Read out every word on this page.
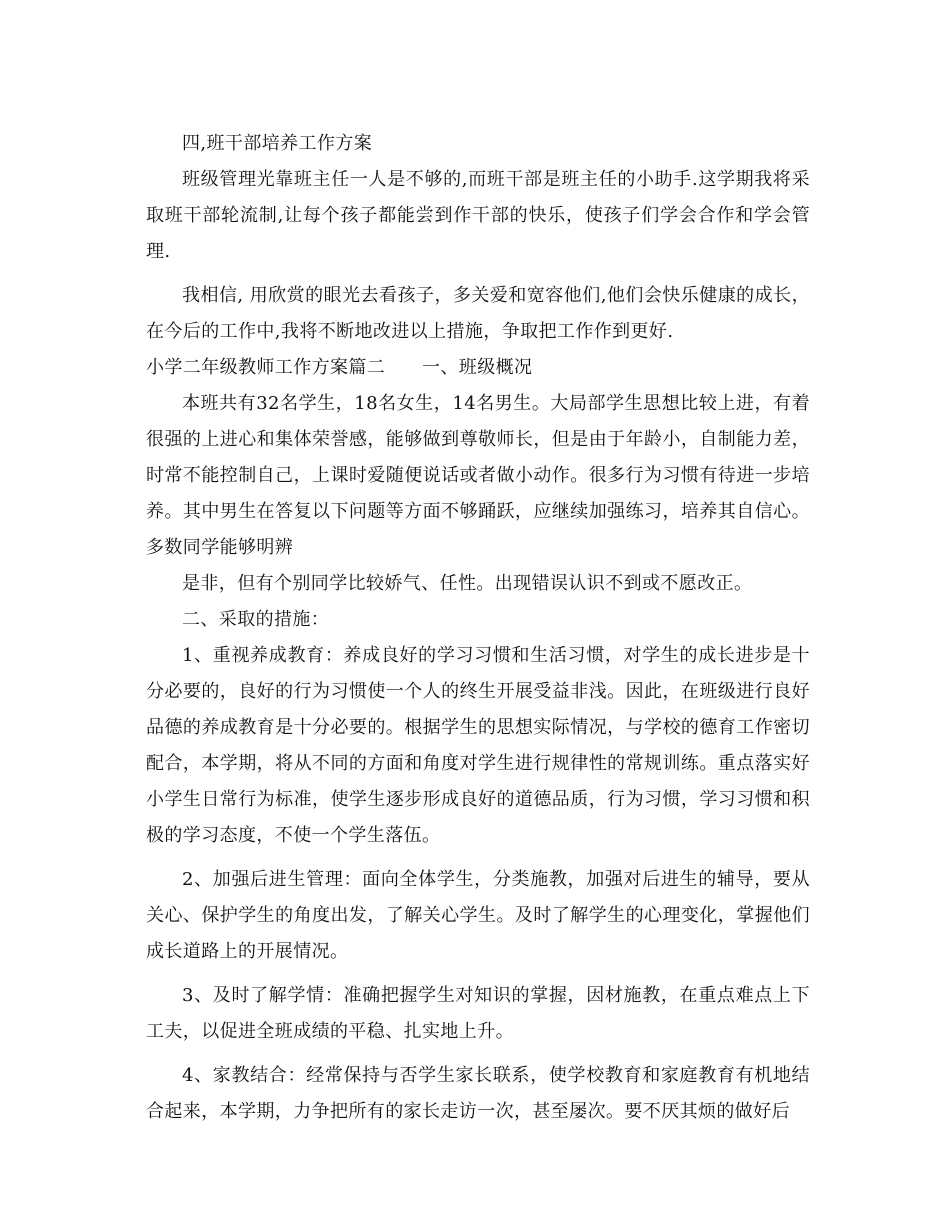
四,班干部培养工作方案

班级管理光靠班主任一人是不够的,而班干部是班主任的小助手.这学期我将采取班干部轮流制,让每个孩子都能尝到作干部的快乐，使孩子们学会合作和学会管理.

我相信, 用欣赏的眼光去看孩子，多关爱和宽容他们,他们会快乐健康的成长，在今后的工作中,我将不断地改进以上措施，争取把工作作到更好.

小学二年级教师工作方案篇二　　一、班级概况

本班共有32名学生，18名女生，14名男生。大局部学生思想比较上进，有着很强的上进心和集体荣誉感，能够做到尊敬师长，但是由于年龄小，自制能力差，时常不能控制自己，上课时爱随便说话或者做小动作。很多行为习惯有待进一步培养。其中男生在答复以下问题等方面不够踊跃，应继续加强练习，培养其自信心。多数同学能够明辨

是非，但有个别同学比较娇气、任性。出现错误认识不到或不愿改正。

二、采取的措施：

1、重视养成教育：养成良好的学习习惯和生活习惯，对学生的成长进步是十分必要的，良好的行为习惯使一个人的终生开展受益非浅。因此，在班级进行良好品德的养成教育是十分必要的。根据学生的思想实际情况，与学校的德育工作密切配合，本学期，将从不同的方面和角度对学生进行规律性的常规训练。重点落实好小学生日常行为标准，使学生逐步形成良好的道德品质，行为习惯，学习习惯和积极的学习态度，不使一个学生落伍。

2、加强后进生管理：面向全体学生，分类施教，加强对后进生的辅导，要从关心、保护学生的角度出发，了解关心学生。及时了解学生的心理变化，掌握他们成长道路上的开展情况。

3、及时了解学情：准确把握学生对知识的掌握，因材施教，在重点难点上下工夫，以促进全班成绩的平稳、扎实地上升。

4、家教结合：经常保持与否学生家长联系，使学校教育和家庭教育有机地结合起来，本学期，力争把所有的家长走访一次，甚至屡次。要不厌其烦的做好后
